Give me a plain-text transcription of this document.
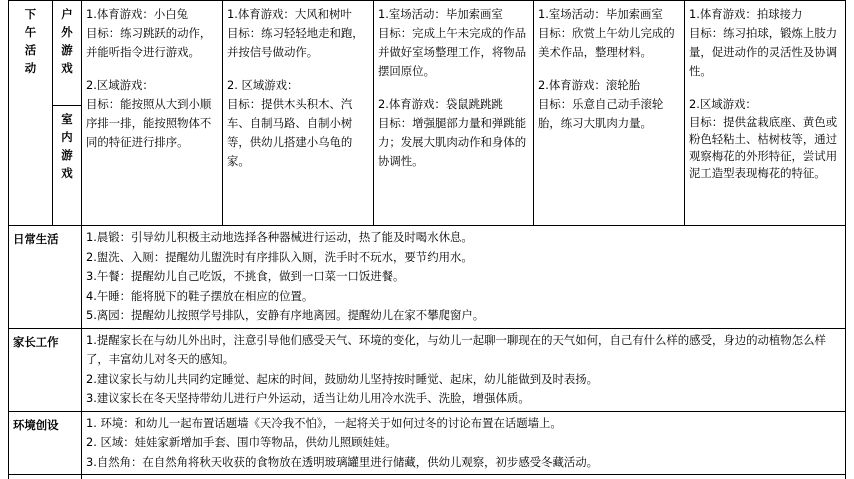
下午活动	户外游戏	1.体育游戏：小白兔
目标：练习跳跃的动作，并能听指令进行游戏。
2.区域游戏：
目标：能按照从大到小顺序排一排，能按照物体不同的特征进行排序。	1.体育游戏：大风和树叶
目标：练习轻轻地走和跑，并按信号做动作。
2. 区域游戏：
目标：提供木头积木、汽车、自制马路、自制小树等，供幼儿搭建小乌龟的家。	1.室场活动：毕加索画室
目标：完成上午未完成的作品并做好室场整理工作，将物品摆回原位。
2.体育游戏：袋鼠跳跳跳
目标：增强腿部力量和弹跳能力；发展大肌肉动作和身体的协调性。	1.室场活动：毕加索画室
目标：欣赏上午幼儿完成的美术作品，整理材料。
2.体育游戏：滚轮胎
目标：乐意自己动手滚轮胎，练习大肌肉力量。	1.体育游戏：拍球接力
目标：练习拍球，锻炼上肢力量，促进动作的灵活性及协调性。
2.区域游戏：
目标：提供盆栽底座、黄色或粉色轻粘土、枯树枝等，通过观察梅花的外形特征，尝试用泥工造型表现梅花的特征。

	室内游戏					
日常生活		1.晨锻：引导幼儿积极主动地选择各种器械进行运动，热了能及时喝水休息。
2.盥洗、入厕：提醒幼儿盥洗时有序排队入厕，洗手时不玩水，要节约用水。
3.午餐：提醒幼儿自己吃饭，不挑食，做到一口菜一口饭进餐。
4.午睡：能将脱下的鞋子摆放在相应的位置。
5.离园：提醒幼儿按照学号排队，安静有序地离园。提醒幼儿在家不攀爬窗户。				

家长工作		1.提醒家长在与幼儿外出时，注意引导他们感受天气、环境的变化，与幼儿一起聊一聊现在的天气如何，自己有什么样的感受，身边的动植物怎么样了，丰富幼儿对冬天的感知。
2.建议家长与幼儿共同约定睡觉、起床的时间，鼓励幼儿坚持按时睡觉、起床，幼儿能做到及时表扬。
3.建议家长在冬天坚持带幼儿进行户外运动，适当让幼儿用冷水洗手、洗脸，增强体质。				

环境创设		1. 环境：和幼儿一起布置话题墙《天冷我不怕》，一起将关于如何过冬的讨论布置在话题墙上。
2. 区域：娃娃家新增加手套、围巾等物品，供幼儿照顾娃娃。
3.自然角：在自然角将秋天收获的食物放在透明玻璃罐里进行储藏，供幼儿观察，初步感受冬藏活动。				
